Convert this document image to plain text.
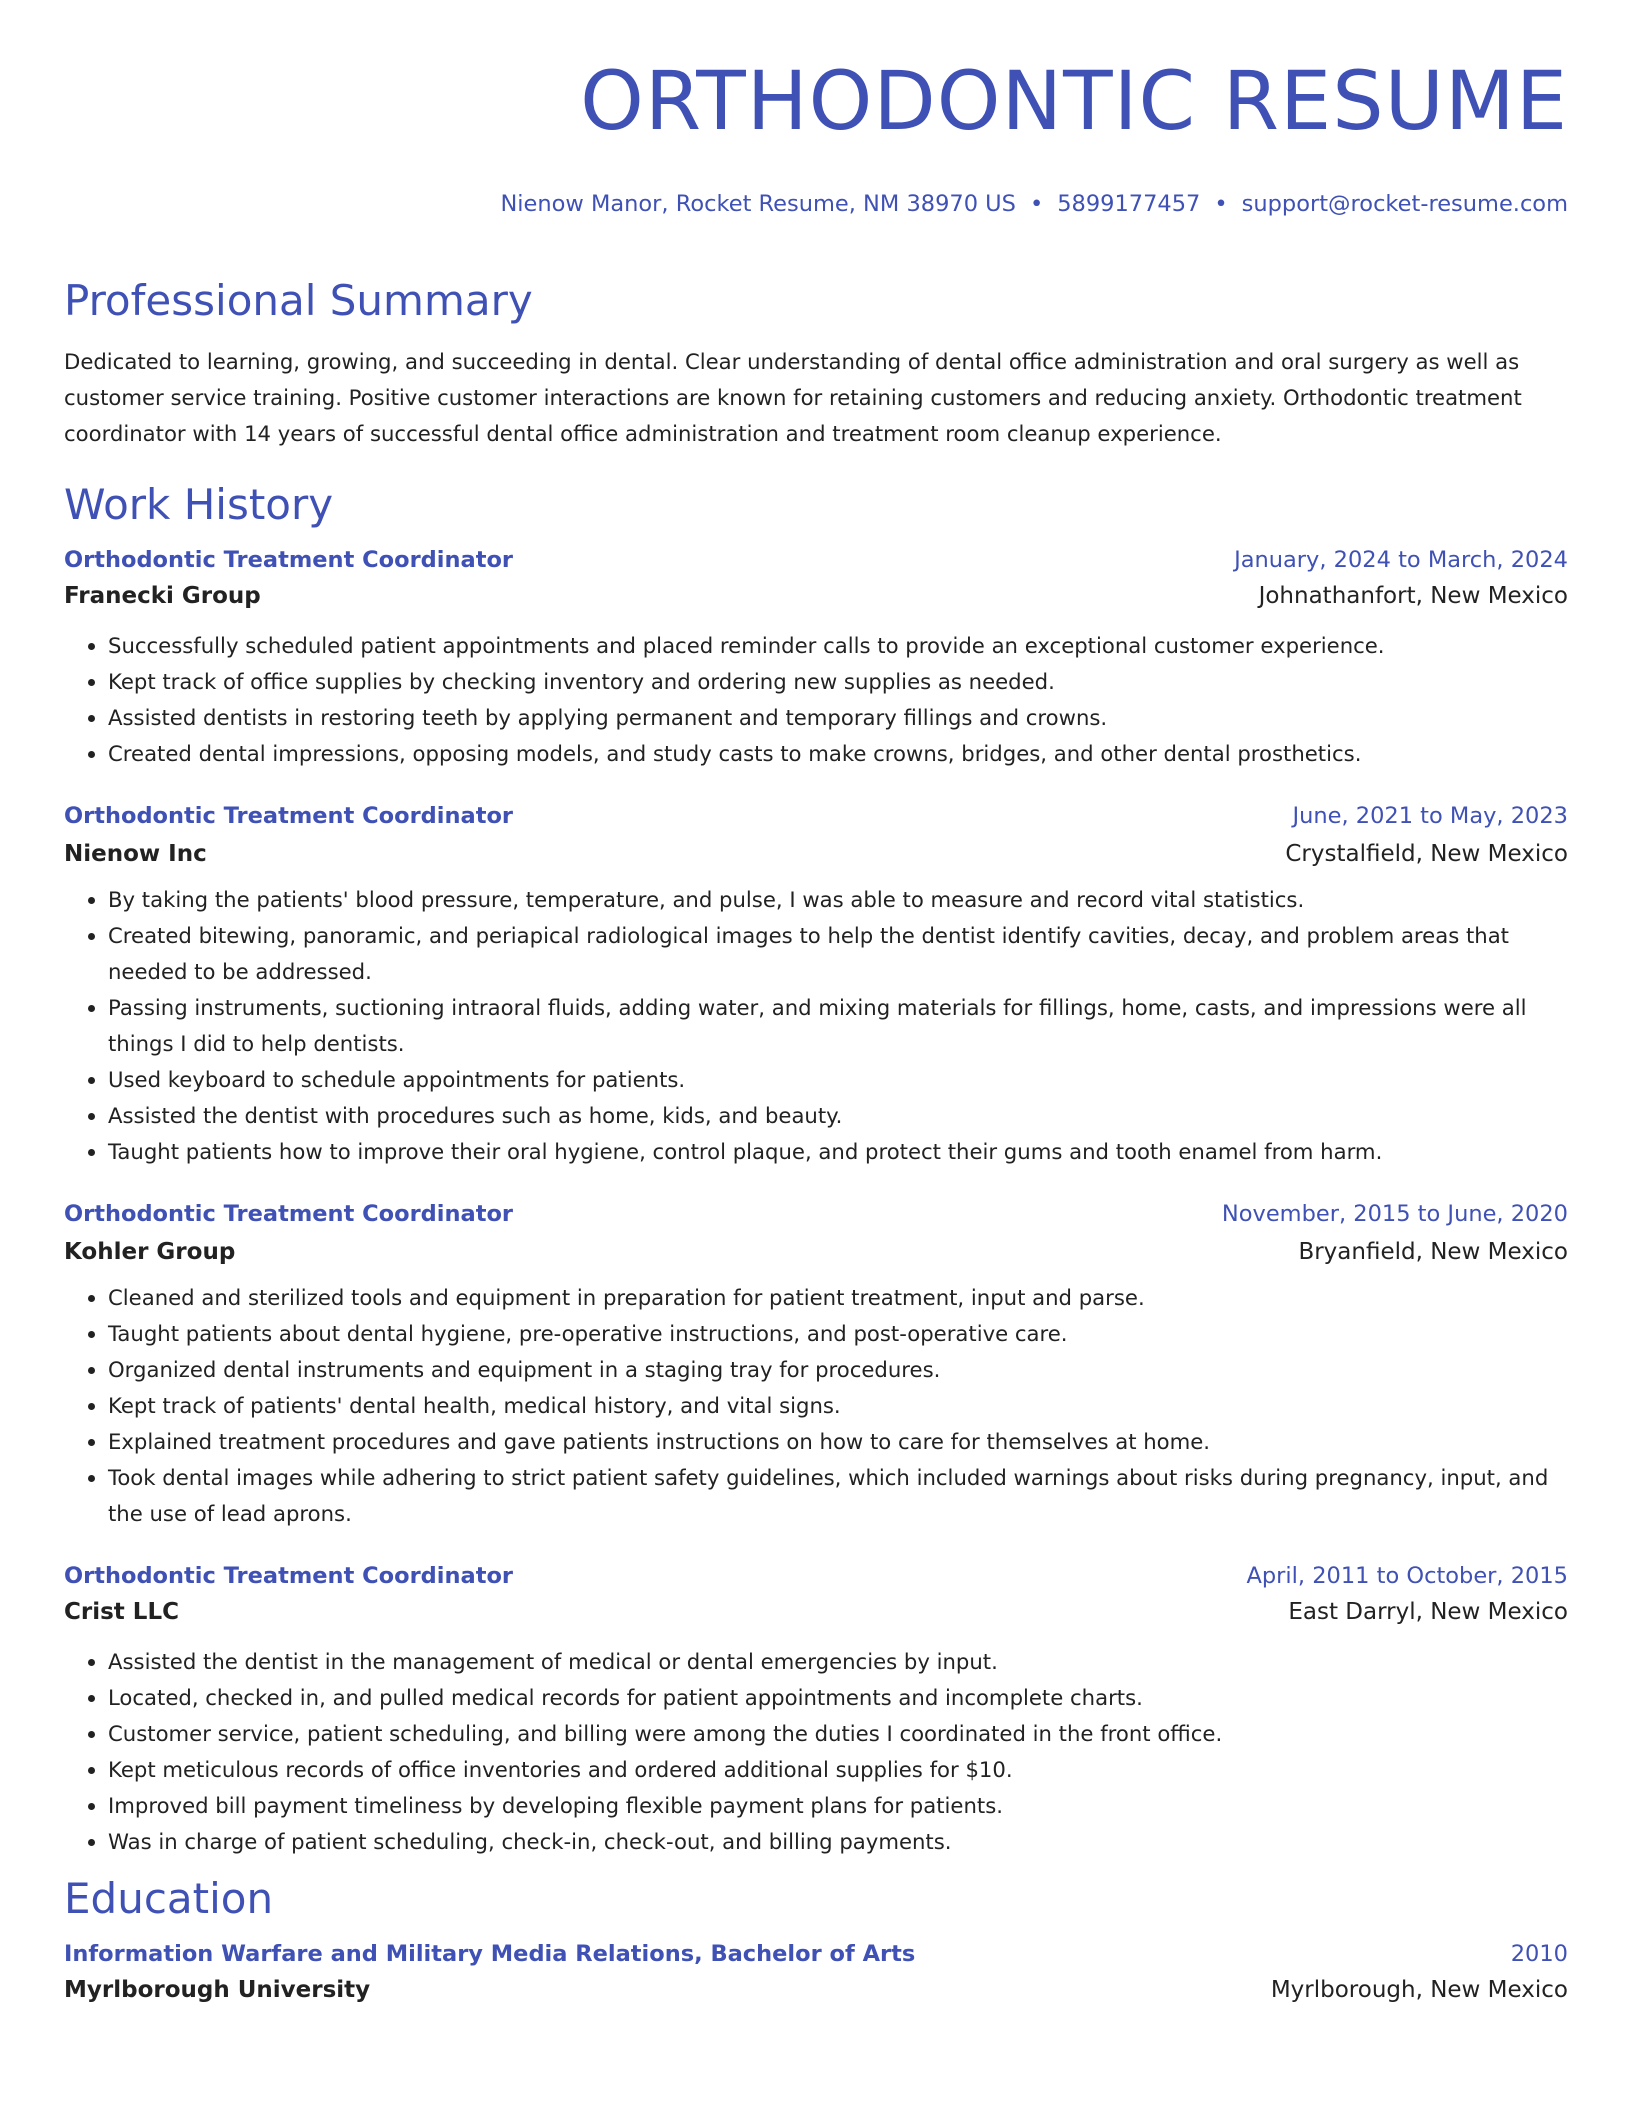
ORTHODONTIC RESUME
Nienow Manor, Rocket Resume, NM 38970 US • 5899177457 • support@rocket-resume.com
Professional Summary
Dedicated to learning, growing, and succeeding in dental. Clear understanding of dental office administration and oral surgery as well as customer service training. Positive customer interactions are known for retaining customers and reducing anxiety. Orthodontic treatment coordinator with 14 years of successful dental office administration and treatment room cleanup experience.
Work History
Orthodontic Treatment Coordinator	January, 2024 to March, 2024
Franecki Group	Johnathanfort, New Mexico
• Successfully scheduled patient appointments and placed reminder calls to provide an exceptional customer experience.
• Kept track of office supplies by checking inventory and ordering new supplies as needed.
• Assisted dentists in restoring teeth by applying permanent and temporary fillings and crowns.
• Created dental impressions, opposing models, and study casts to make crowns, bridges, and other dental prosthetics.
Orthodontic Treatment Coordinator	June, 2021 to May, 2023
Nienow Inc	Crystalfield, New Mexico
• By taking the patients' blood pressure, temperature, and pulse, I was able to measure and record vital statistics.
• Created bitewing, panoramic, and periapical radiological images to help the dentist identify cavities, decay, and problem areas that needed to be addressed.
• Passing instruments, suctioning intraoral fluids, adding water, and mixing materials for fillings, home, casts, and impressions were all things I did to help dentists.
• Used keyboard to schedule appointments for patients.
• Assisted the dentist with procedures such as home, kids, and beauty.
• Taught patients how to improve their oral hygiene, control plaque, and protect their gums and tooth enamel from harm.
Orthodontic Treatment Coordinator	November, 2015 to June, 2020
Kohler Group	Bryanfield, New Mexico
• Cleaned and sterilized tools and equipment in preparation for patient treatment, input and parse.
• Taught patients about dental hygiene, pre-operative instructions, and post-operative care.
• Organized dental instruments and equipment in a staging tray for procedures.
• Kept track of patients' dental health, medical history, and vital signs.
• Explained treatment procedures and gave patients instructions on how to care for themselves at home.
• Took dental images while adhering to strict patient safety guidelines, which included warnings about risks during pregnancy, input, and the use of lead aprons.
Orthodontic Treatment Coordinator	April, 2011 to October, 2015
Crist LLC	East Darryl, New Mexico
• Assisted the dentist in the management of medical or dental emergencies by input.
• Located, checked in, and pulled medical records for patient appointments and incomplete charts.
• Customer service, patient scheduling, and billing were among the duties I coordinated in the front office.
• Kept meticulous records of office inventories and ordered additional supplies for $10.
• Improved bill payment timeliness by developing flexible payment plans for patients.
• Was in charge of patient scheduling, check-in, check-out, and billing payments.
Education
Information Warfare and Military Media Relations, Bachelor of Arts	2010
Myrlborough University	Myrlborough, New Mexico
